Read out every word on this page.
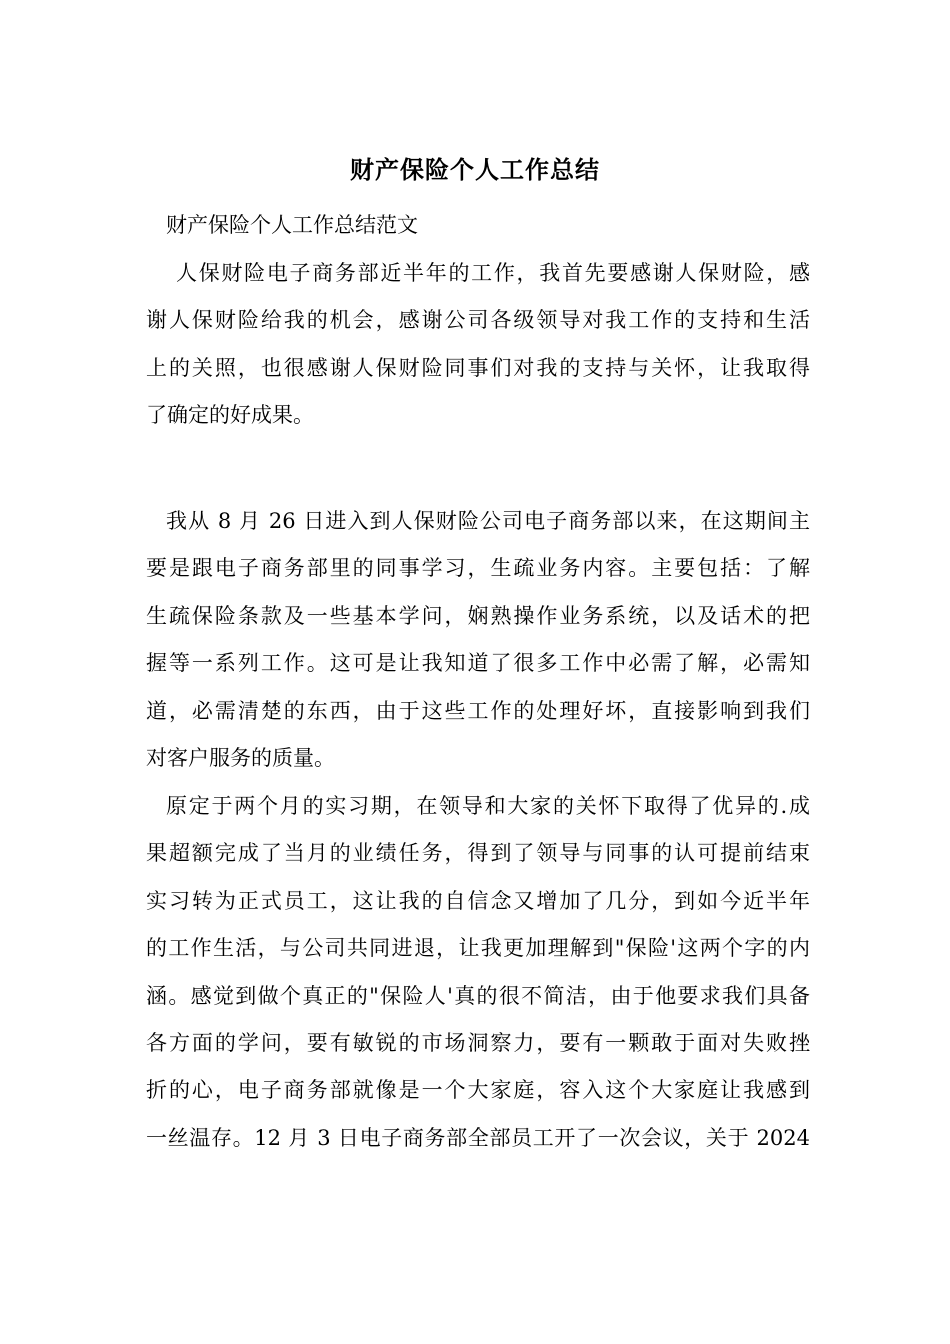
财产保险个人工作总结
财产保险个人工作总结范文
人保财险电子商务部近半年的工作，我首先要感谢人保财险，感
谢人保财险给我的机会，感谢公司各级领导对我工作的支持和生活
上的关照，也很感谢人保财险同事们对我的支持与关怀，让我取得
了确定的好成果。
我从 8 月 26 日进入到人保财险公司电子商务部以来，在这期间主
要是跟电子商务部里的同事学习，生疏业务内容。主要包括：了解
生疏保险条款及一些基本学问，娴熟操作业务系统，以及话术的把
握等一系列工作。这可是让我知道了很多工作中必需了解，必需知
道，必需清楚的东西，由于这些工作的处理好坏，直接影响到我们
对客户服务的质量。
原定于两个月的实习期，在领导和大家的关怀下取得了优异的.成
果超额完成了当月的业绩任务，得到了领导与同事的认可提前结束
实习转为正式员工，这让我的自信念又增加了几分，到如今近半年
的工作生活，与公司共同进退，让我更加理解到"保险'这两个字的内
涵。感觉到做个真正的"保险人'真的很不简洁，由于他要求我们具备
各方面的学问，要有敏锐的市场洞察力，要有一颗敢于面对失败挫
折的心，电子商务部就像是一个大家庭，容入这个大家庭让我感到
一丝温存。12 月 3 日电子商务部全部员工开了一次会议，关于 2024
